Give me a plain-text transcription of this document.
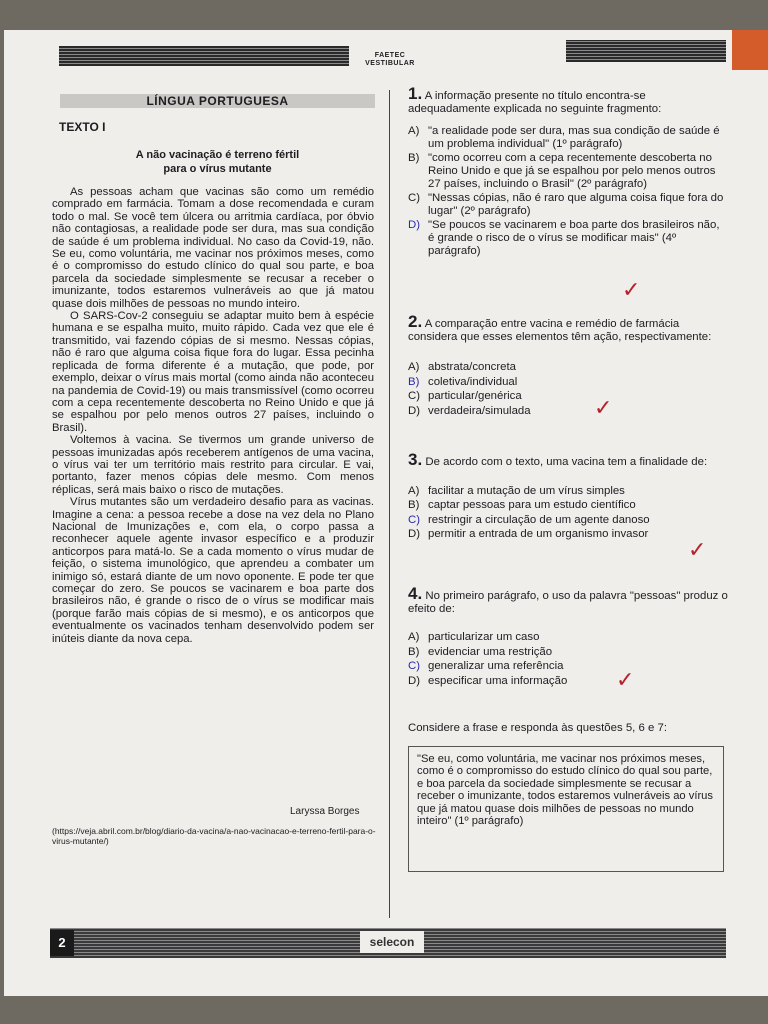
FAETEC
VESTIBULAR
LÍNGUA PORTUGUESA
TEXTO I
A não vacinação é terreno fértil
para o vírus mutante

As pessoas acham que vacinas são como um remédio comprado em farmácia. Tomam a dose recomendada e curam todo o mal. Se você tem úlcera ou arritmia cardíaca, por óbvio não contagiosas, a realidade pode ser dura, mas sua condição de saúde é um problema individual. No caso da Covid-19, não. Se eu, como voluntária, me vacinar nos próximos meses, como é o compromisso do estudo clínico do qual sou parte, e boa parcela da sociedade simplesmente se recusar a receber o imunizante, todos estaremos vulneráveis ao que já matou quase dois milhões de pessoas no mundo inteiro.

O SARS-Cov-2 conseguiu se adaptar muito bem à espécie humana e se espalha muito, muito rápido. Cada vez que ele é transmitido, vai fazendo cópias de si mesmo. Nessas cópias, não é raro que alguma coisa fique fora do lugar. Essa pecinha replicada de forma diferente é a mutação, que pode, por exemplo, deixar o vírus mais mortal (como ainda não aconteceu na pandemia de Covid-19) ou mais transmissível (como ocorreu com a cepa recentemente descoberta no Reino Unido e que já se espalhou por pelo menos outros 27 países, incluindo o Brasil).

Voltemos à vacina. Se tivermos um grande universo de pessoas imunizadas após receberem antígenos de uma vacina, o vírus vai ter um território mais restrito para circular. E vai, portanto, fazer menos cópias dele mesmo. Com menos réplicas, será mais baixo o risco de mutações.

Vírus mutantes são um verdadeiro desafio para as vacinas. Imagine a cena: a pessoa recebe a dose na vez dela no Plano Nacional de Imunizações e, com ela, o corpo passa a reconhecer aquele agente invasor específico e a produzir anticorpos para matá-lo. Se a cada momento o vírus mudar de feição, o sistema imunológico, que aprendeu a combater um inimigo só, estará diante de um novo oponente. E pode ter que começar do zero. Se poucos se vacinarem e boa parte dos brasileiros não, é grande o risco de o vírus se modificar mais (porque farão mais cópias de si mesmo), e os anticorpos que eventualmente os vacinados tenham desenvolvido podem ser inúteis diante da nova cepa.

Laryssa Borges
(https://veja.abril.com.br/blog/diario-da-vacina/a-nao-vacinacao-e-terreno-fertil-para-o-virus-mutante/)
1. A informação presente no título encontra-se adequadamente explicada no seguinte fragmento:
A) "a realidade pode ser dura, mas sua condição de saúde é um problema individual" (1º parágrafo)
B) "como ocorreu com a cepa recentemente descoberta no Reino Unido e que já se espalhou por pelo menos outros 27 países, incluindo o Brasil" (2º parágrafo)
C) "Nessas cópias, não é raro que alguma coisa fique fora do lugar" (2º parágrafo)
D) "Se poucos se vacinarem e boa parte dos brasileiros não, é grande o risco de o vírus se modificar mais" (4º parágrafo)
✓
2. A comparação entre vacina e remédio de farmácia considera que esses elementos têm ação, respectivamente:
A) abstrata/concreta
B) coletiva/individual
C) particular/genérica
D) verdadeira/simulada	✓
3. De acordo com o texto, uma vacina tem a finalidade de:
A) facilitar a mutação de um vírus simples
B) captar pessoas para um estudo científico
C) restringir a circulação de um agente danoso
D) permitir a entrada de um organismo invasor
✓
4. No primeiro parágrafo, o uso da palavra "pessoas" produz o efeito de:
A) particularizar um caso
B) evidenciar uma restrição
C) generalizar uma referência
D) especificar uma informação	✓
Considere a frase e responda às questões 5, 6 e 7:
"Se eu, como voluntária, me vacinar nos próximos meses, como é o compromisso do estudo clínico do qual sou parte, e boa parcela da sociedade simplesmente se recusar a receber o imunizante, todos estaremos vulneráveis ao vírus que já matou quase dois milhões de pessoas no mundo inteiro" (1º parágrafo)
2	selecon
